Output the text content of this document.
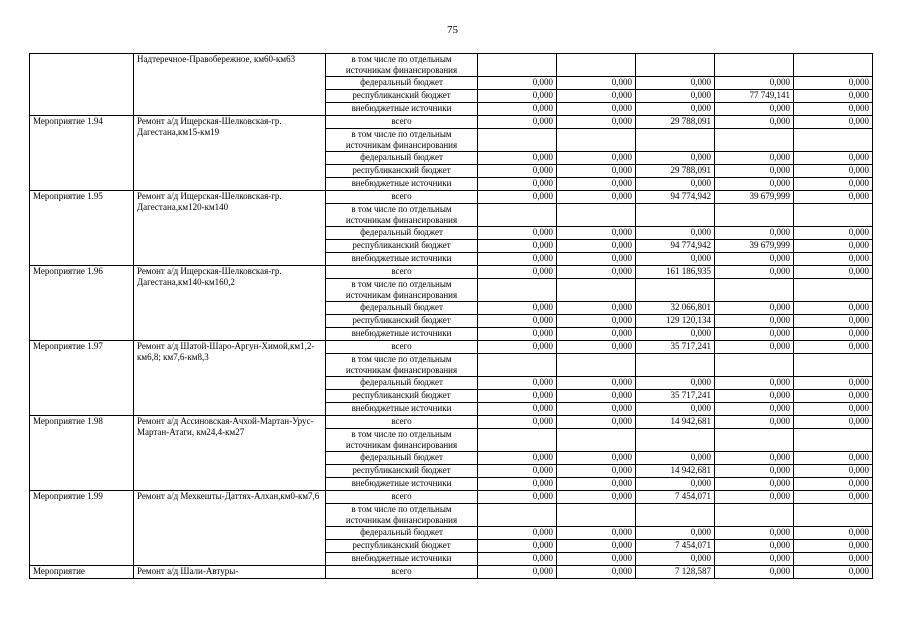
75
	Надтеречное-Правобережное, км60-км63	в том числе по отдельным источникам финансирования					
		федеральный бюджет	0,000	0,000	0,000	0,000	0,000
		республиканский бюджет	0,000	0,000	0,000	77 749,141	0,000
		внебюджетные источники	0,000	0,000	0,000	0,000	0,000
Мероприятие 1.94	Ремонт а/д Ищерская-Шелковская-гр. Дагестана,км15-км19	всего	0,000	0,000	29 788,091	0,000	0,000
		в том числе по отдельным источникам финансирования					
		федеральный бюджет	0,000	0,000	0,000	0,000	0,000
		республиканский бюджет	0,000	0,000	29 788,091	0,000	0,000
		внебюджетные источники	0,000	0,000	0,000	0,000	0,000
Мероприятие 1.95	Ремонт а/д Ищерская-Шелковская-гр. Дагестана,км120-км140	всего	0,000	0,000	94 774,942	39 679,999	0,000
		в том числе по отдельным источникам финансирования					
		федеральный бюджет	0,000	0,000	0,000	0,000	0,000
		республиканский бюджет	0,000	0,000	94 774,942	39 679,999	0,000
		внебюджетные источники	0,000	0,000	0,000	0,000	0,000
Мероприятие 1.96	Ремонт а/д Ищерская-Шелковская-гр. Дагестана,км140-км160,2	всего	0,000	0,000	161 186,935	0,000	0,000
		в том числе по отдельным источникам финансирования					
		федеральный бюджет	0,000	0,000	32 066,801	0,000	0,000
		республиканский бюджет	0,000	0,000	129 120,134	0,000	0,000
		внебюджетные источники	0,000	0,000	0,000	0,000	0,000
Мероприятие 1.97	Ремонт а/д Шатой-Шаро-Аргун-Химой,км1,2-км6,8; км7,6-км8,3	всего	0,000	0,000	35 717,241	0,000	0,000
		в том числе по отдельным источникам финансирования					
		федеральный бюджет	0,000	0,000	0,000	0,000	0,000
		республиканский бюджет	0,000	0,000	35 717,241	0,000	0,000
		внебюджетные источники	0,000	0,000	0,000	0,000	0,000
Мероприятие 1.98	Ремонт а/д Ассиновская-Ачхой-Мартан-Урус-Мартан-Атаги, км24,4-км27	всего	0,000	0,000	14 942,681	0,000	0,000
		в том числе по отдельным источникам финансирования					
		федеральный бюджет	0,000	0,000	0,000	0,000	0,000
		республиканский бюджет	0,000	0,000	14 942,681	0,000	0,000
		внебюджетные источники	0,000	0,000	0,000	0,000	0,000
Мероприятие 1.99	Ремонт а/д Мехкешты-Даттях-Алхан,км0-км7,6	всего	0,000	0,000	7 454,071	0,000	0,000
		в том числе по отдельным источникам финансирования					
		федеральный бюджет	0,000	0,000	0,000	0,000	0,000
		республиканский бюджет	0,000	0,000	7 454,071	0,000	0,000
		внебюджетные источники	0,000	0,000	0,000	0,000	0,000
Мероприятие	Ремонт а/д Шали-Автуры-	всего	0,000	0,000	7 128,587	0,000	0,000
